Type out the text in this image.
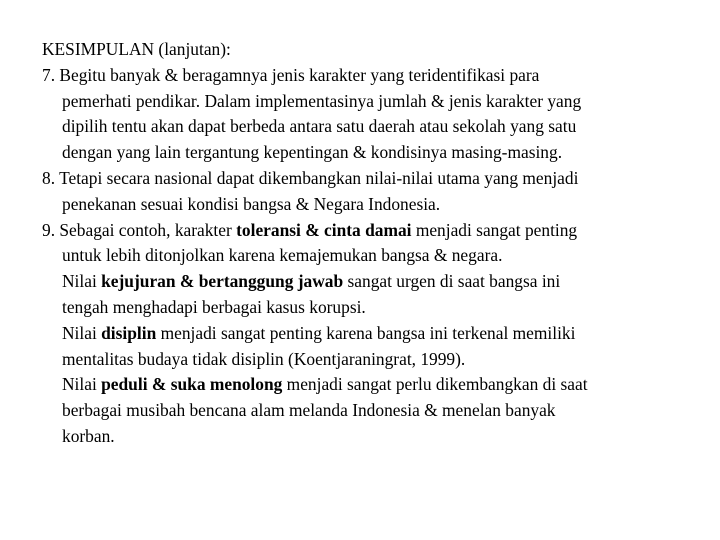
KESIMPULAN (lanjutan):
7. Begitu banyak & beragamnya jenis karakter yang teridentifikasi para
pemerhati pendikar. Dalam implementasinya jumlah & jenis karakter yang
dipilih tentu akan dapat berbeda antara satu daerah atau sekolah yang satu
dengan yang lain tergantung kepentingan & kondisinya masing-masing.
8. Tetapi secara nasional dapat dikembangkan nilai-nilai utama yang menjadi
penekanan sesuai kondisi bangsa & Negara Indonesia.
9. Sebagai contoh, karakter toleransi & cinta damai menjadi sangat penting
untuk lebih ditonjolkan karena kemajemukan bangsa & negara.
Nilai kejujuran & bertanggung jawab sangat urgen di saat bangsa ini
tengah menghadapi berbagai kasus korupsi.
Nilai disiplin menjadi sangat penting karena bangsa ini terkenal memiliki
mentalitas budaya tidak disiplin (Koentjaraningrat, 1999).
Nilai peduli & suka menolong menjadi sangat perlu dikembangkan di saat
berbagai musibah bencana alam melanda Indonesia & menelan banyak
korban.
